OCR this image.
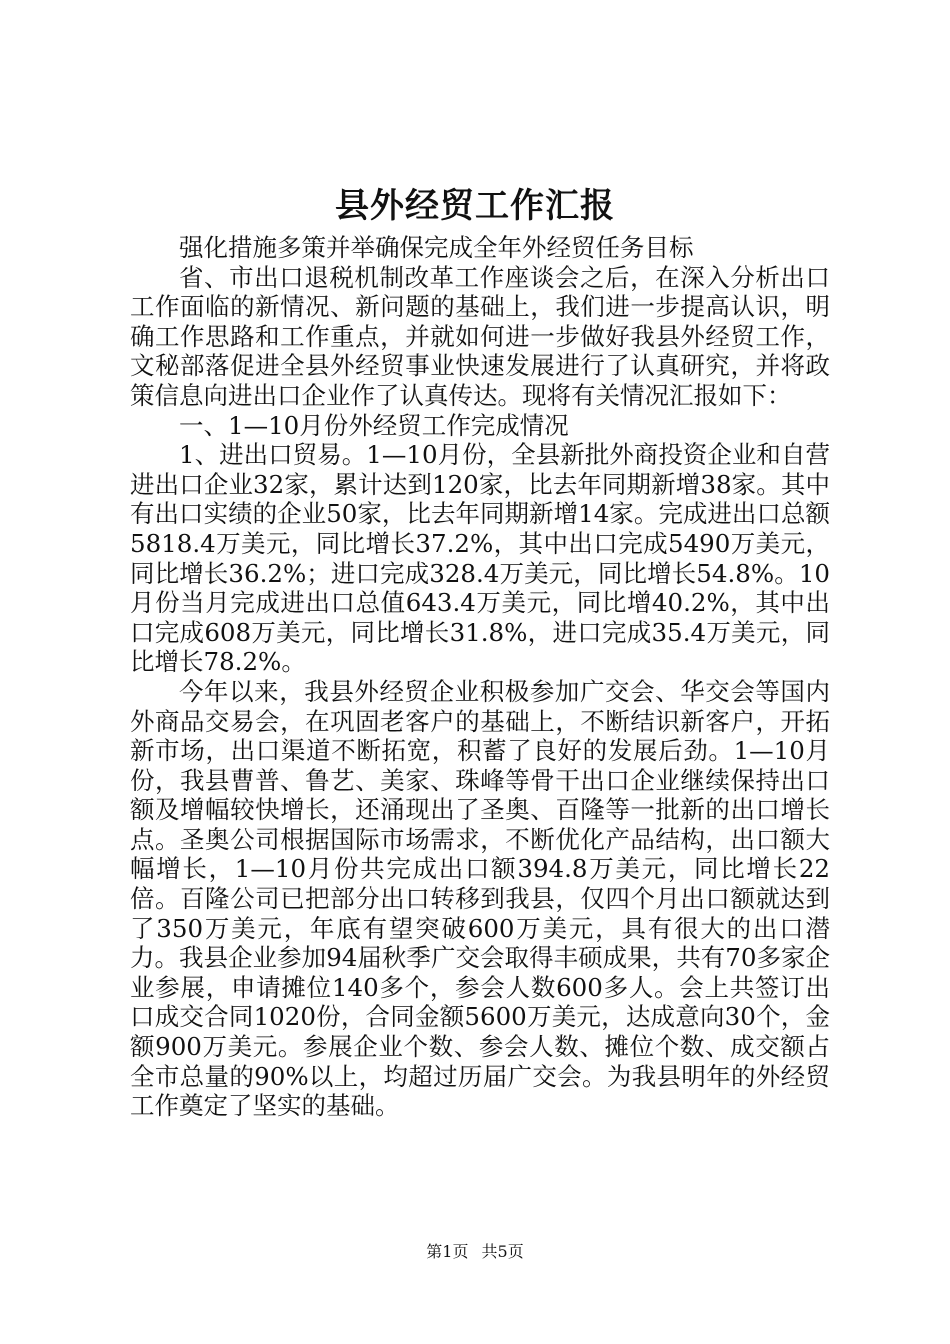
县外经贸工作汇报

强化措施多策并举确保完成全年外经贸任务目标

省、市出口退税机制改革工作座谈会之后，在深入分析出口工作面临的新情况、新问题的基础上，我们进一步提高认识，明确工作思路和工作重点，并就如何进一步做好我县外经贸工作，文秘部落促进全县外经贸事业快速发展进行了认真研究，并将政策信息向进出口企业作了认真传达。现将有关情况汇报如下：

一、1—10月份外经贸工作完成情况

1、进出口贸易。1—10月份，全县新批外商投资企业和自营进出口企业32家，累计达到120家，比去年同期新增38家。其中有出口实绩的企业50家，比去年同期新增14家。完成进出口总额5818.4万美元，同比增长37.2%，其中出口完成5490万美元，同比增长36.2%；进口完成328.4万美元，同比增长54.8%。10月份当月完成进出口总值643.4万美元，同比增40.2%，其中出口完成608万美元，同比增长31.8%，进口完成35.4万美元，同比增长78.2%。

今年以来，我县外经贸企业积极参加广交会、华交会等国内外商品交易会，在巩固老客户的基础上，不断结识新客户，开拓新市场，出口渠道不断拓宽，积蓄了良好的发展后劲。1—10月份，我县曹普、鲁艺、美家、珠峰等骨干出口企业继续保持出口额及增幅较快增长，还涌现出了圣奥、百隆等一批新的出口增长点。圣奥公司根据国际市场需求，不断优化产品结构，出口额大幅增长，1—10月份共完成出口额394.8万美元，同比增长22倍。百隆公司已把部分出口转移到我县，仅四个月出口额就达到了350万美元，年底有望突破600万美元，具有很大的出口潜力。我县企业参加94届秋季广交会取得丰硕成果，共有70多家企业参展，申请摊位140多个，参会人数600多人。会上共签订出口成交合同1020份，合同金额5600万美元，达成意向30个，金额900万美元。参展企业个数、参会人数、摊位个数、成交额占全市总量的90%以上，均超过历届广交会。为我县明年的外经贸工作奠定了坚实的基础。

第1页 共5页
